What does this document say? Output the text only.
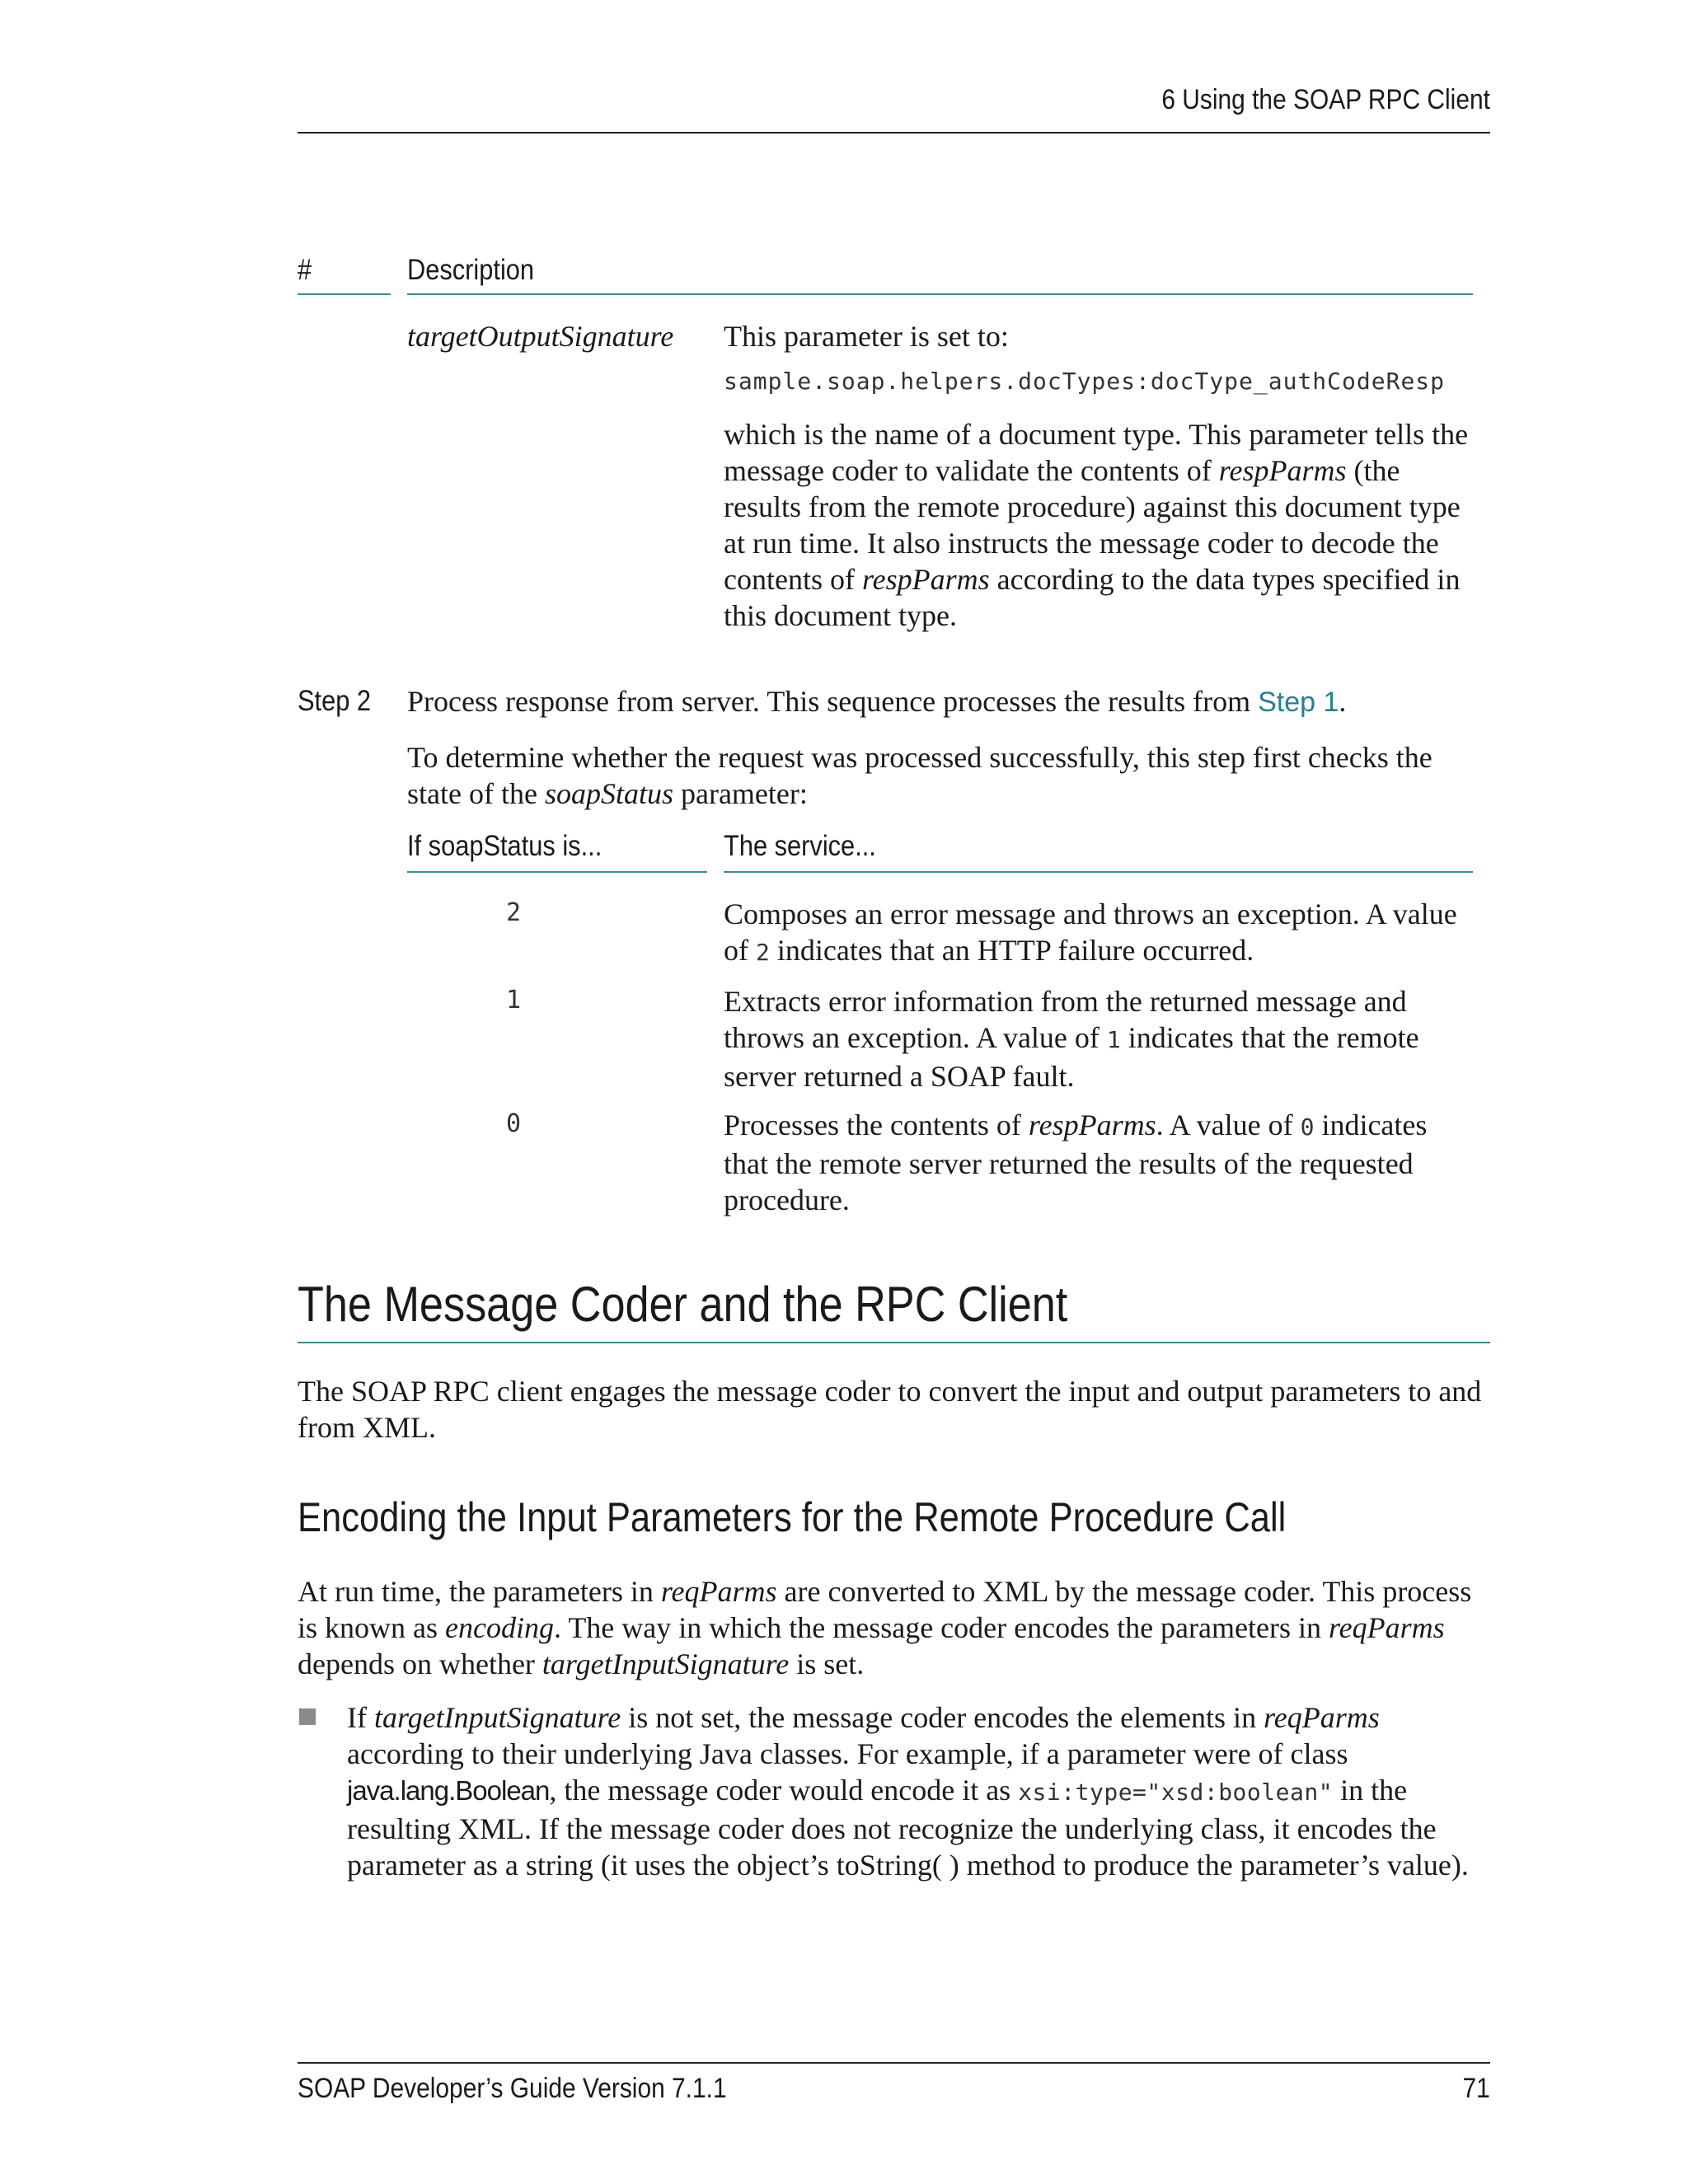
6 Using the SOAP RPC Client
#	Description
targetOutputSignature This parameter is set to:
sample.soap.helpers.docTypes:docType_authCodeResp
which is the name of a document type. This parameter tells the message coder to validate the contents of respParms (the results from the remote procedure) against this document type at run time. It also instructs the message coder to decode the contents of respParms according to the data types specified in this document type.
Step 2 Process response from server. This sequence processes the results from Step 1.
To determine whether the request was processed successfully, this step first checks the state of the soapStatus parameter:
If soapStatus is...	The service...
2	Composes an error message and throws an exception. A value of 2 indicates that an HTTP failure occurred.
1	Extracts error information from the returned message and throws an exception. A value of 1 indicates that the remote server returned a SOAP fault.
0	Processes the contents of respParms. A value of 0 indicates that the remote server returned the results of the requested procedure.
The Message Coder and the RPC Client
The SOAP RPC client engages the message coder to convert the input and output parameters to and from XML.
Encoding the Input Parameters for the Remote Procedure Call
At run time, the parameters in reqParms are converted to XML by the message coder. This process is known as encoding. The way in which the message coder encodes the parameters in reqParms depends on whether targetInputSignature is set.
If targetInputSignature is not set, the message coder encodes the elements in reqParms according to their underlying Java classes. For example, if a parameter were of class java.lang.Boolean, the message coder would encode it as xsi:type="xsd:boolean" in the resulting XML. If the message coder does not recognize the underlying class, it encodes the parameter as a string (it uses the object’s toString( ) method to produce the parameter’s value).
SOAP Developer’s Guide Version 7.1.1	71
